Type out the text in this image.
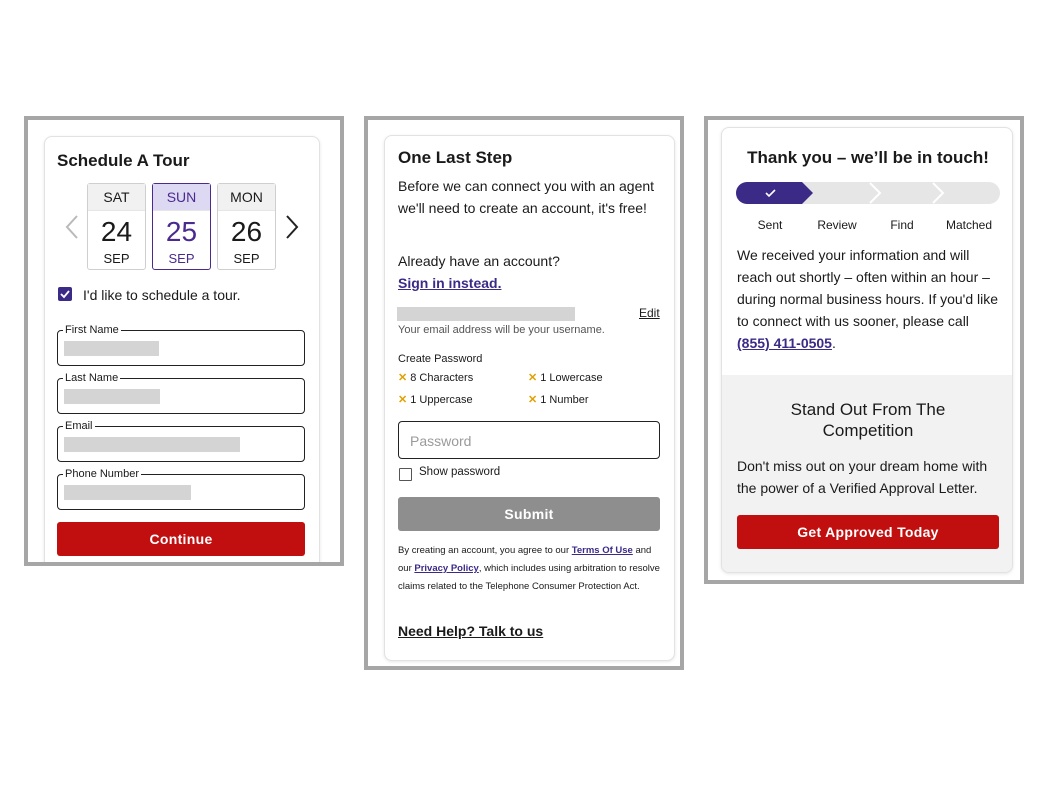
Schedule A Tour
SAT
24
SEP
SUN
25
SEP
MON
26
SEP
I'd like to schedule a tour.
First Name
Last Name
Email
Phone Number
Continue
One Last Step
Before we can connect you with an agent we'll need to create an account, it's free!
Already have an account?
Sign in instead.
Edit
Your email address will be your username.
Create Password
✕ 8 Characters	✕ 1 Lowercase
✕ 1 Uppercase	✕ 1 Number
Password
Show password
Submit
By creating an account, you agree to our Terms Of Use and our Privacy Policy, which includes using arbitration to resolve claims related to the Telephone Consumer Protection Act.
Need Help? Talk to us
Thank you – we’ll be in touch!
Sent	Review	Find	Matched
We received your information and will reach out shortly – often within an hour – during normal business hours. If you'd like to connect with us sooner, please call (855) 411-0505.
Stand Out From The Competition
Don't miss out on your dream home with the power of a Verified Approval Letter.
Get Approved Today
